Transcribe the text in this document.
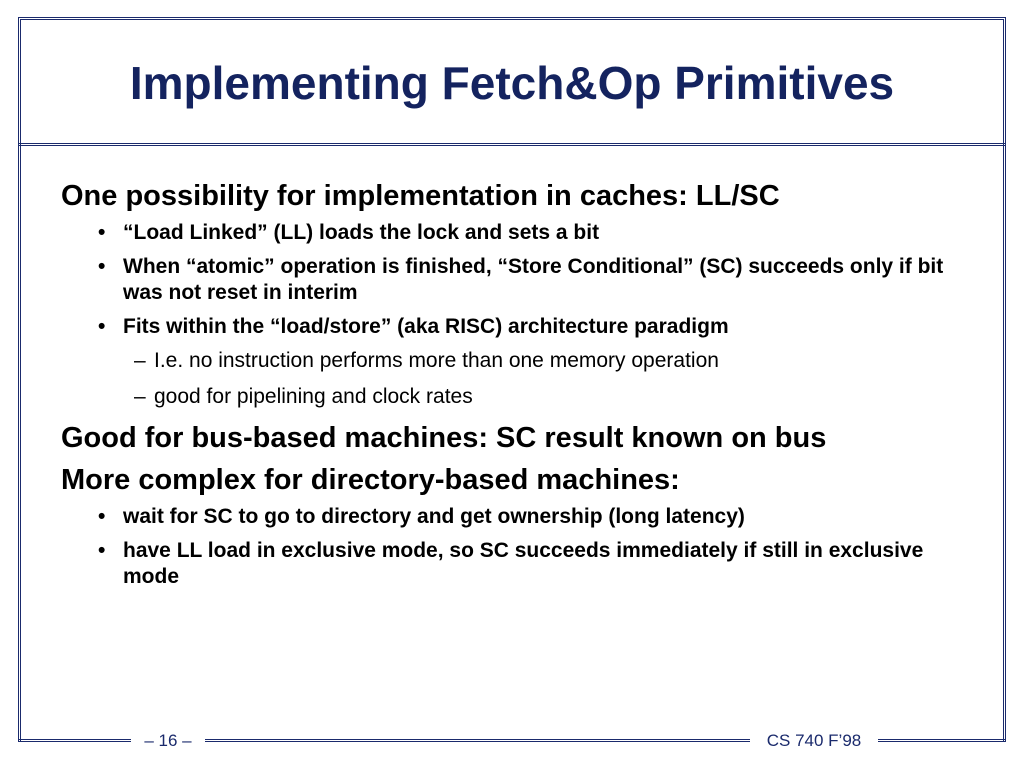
Implementing Fetch&Op Primitives

One possibility for implementation in caches: LL/SC

• “Load Linked” (LL) loads the lock and sets a bit
• When “atomic” operation is finished, “Store Conditional” (SC) succeeds only if bit was not reset in interim
• Fits within the “load/store” (aka RISC) architecture paradigm
– I.e. no instruction performs more than one memory operation
– good for pipelining and clock rates

Good for bus-based machines: SC result known on bus

More complex for directory-based machines:

• wait for SC to go to directory and get ownership (long latency)
• have LL load in exclusive mode, so SC succeeds immediately if still in exclusive mode
– 16 –	CS 740 F’98
